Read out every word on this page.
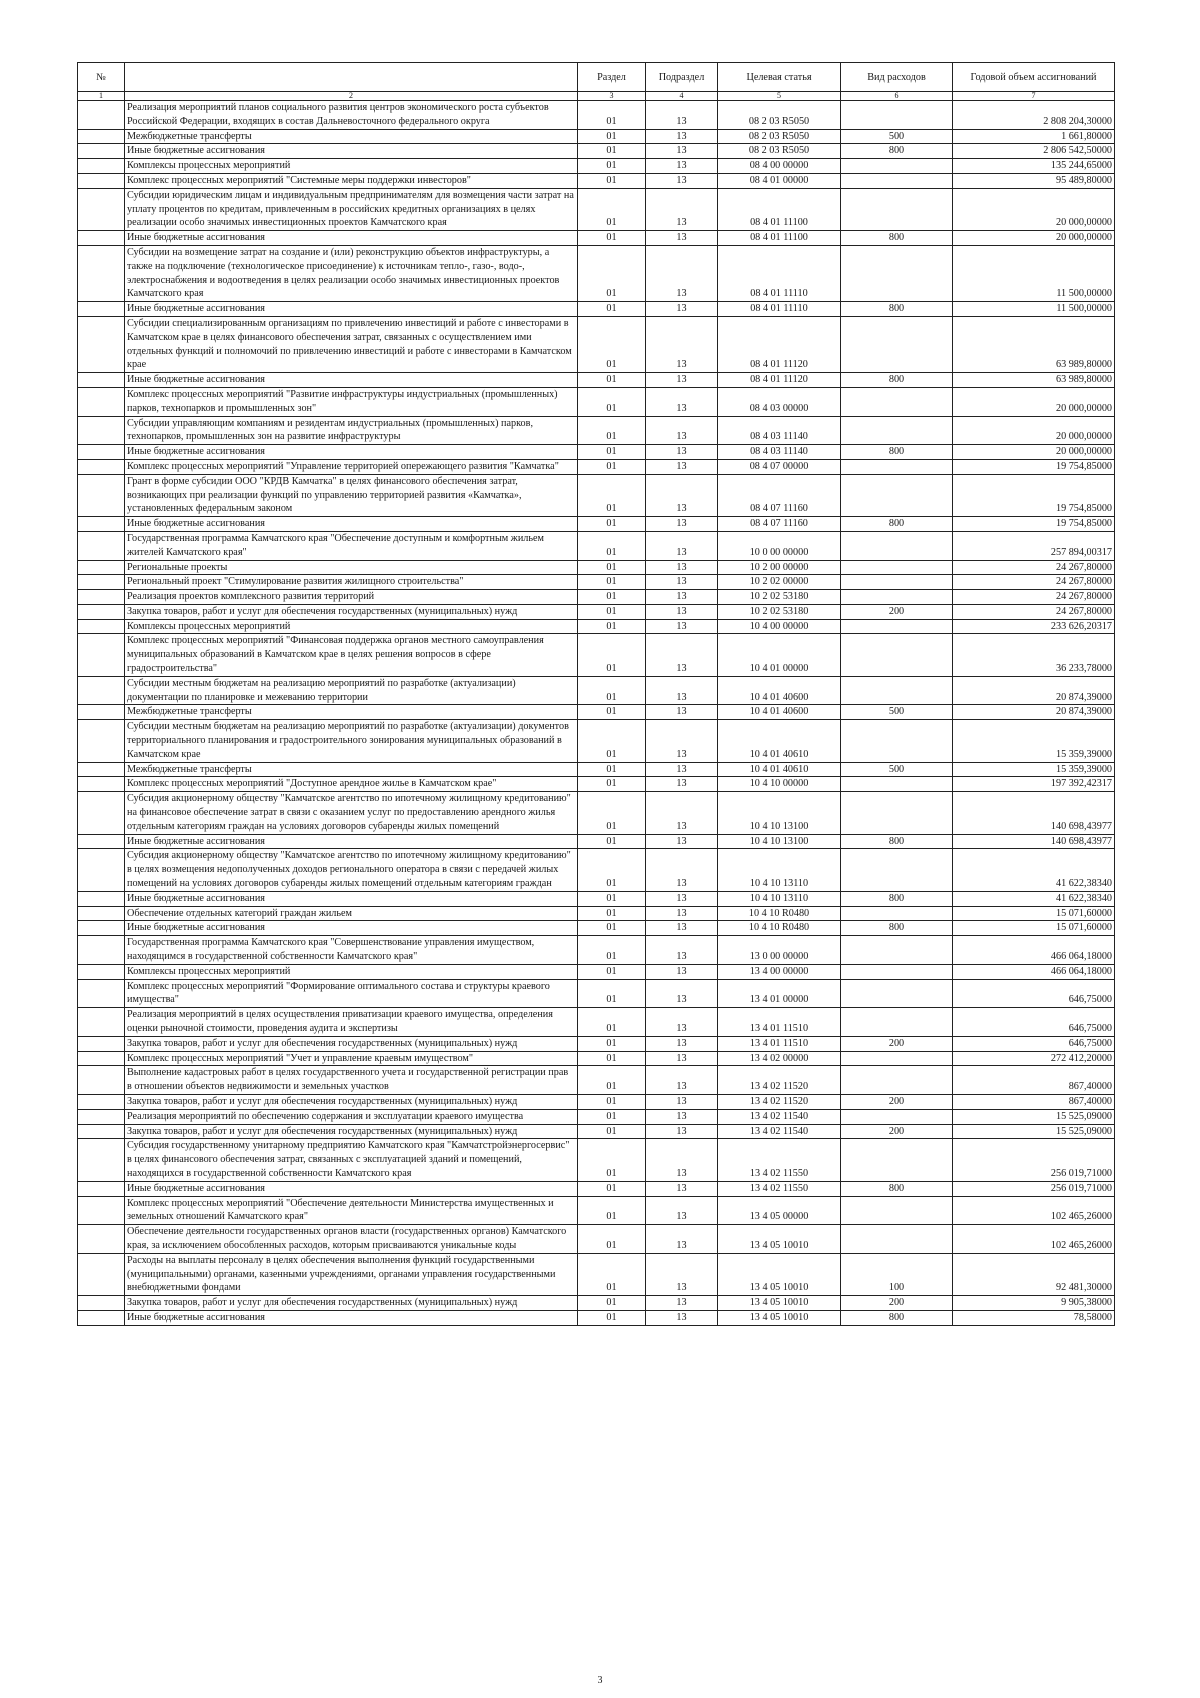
№		Раздел	Подраздел	Целевая статья	Вид расходов	Годовой объем ассигнований
1	2	3	4	5	6	7
	Реализация мероприятий планов социального развития центров экономического роста субъектов Российской Федерации, входящих в состав Дальневосточного федерального округа	01	13	08 2 03 R5050		2 808 204,30000
	Межбюджетные трансферты	01	13	08 2 03 R5050	500	1 661,80000
	Иные бюджетные ассигнования	01	13	08 2 03 R5050	800	2 806 542,50000
	Комплексы процессных мероприятий	01	13	08 4 00 00000		135 244,65000
	Комплекс процессных мероприятий "Системные меры поддержки инвесторов"	01	13	08 4 01 00000		95 489,80000
	Субсидии юридическим лицам и индивидуальным предпринимателям для возмещения части затрат на уплату процентов по кредитам, привлеченным в российских кредитных организациях в целях реализации особо значимых инвестиционных проектов Камчатского края	01	13	08 4 01 11100		20 000,00000
	Иные бюджетные ассигнования	01	13	08 4 01 11100	800	20 000,00000
	Субсидии на возмещение затрат на создание и (или) реконструкцию объектов инфраструктуры, а также на подключение (технологическое присоединение) к источникам тепло-, газо-, водо-, электроснабжения и водоотведения в целях реализации особо значимых инвестиционных проектов Камчатского края	01	13	08 4 01 11110		11 500,00000
	Иные бюджетные ассигнования	01	13	08 4 01 11110	800	11 500,00000
	Субсидии специализированным организациям по привлечению инвестиций и работе с инвесторами в Камчатском крае в целях финансового обеспечения затрат, связанных с осуществлением ими отдельных функций и полномочий по привлечению инвестиций и работе с инвесторами в Камчатском крае	01	13	08 4 01 11120		63 989,80000
	Иные бюджетные ассигнования	01	13	08 4 01 11120	800	63 989,80000
	Комплекс процессных мероприятий "Развитие инфраструктуры индустриальных (промышленных) парков, технопарков и промышленных зон"	01	13	08 4 03 00000		20 000,00000
	Субсидии управляющим компаниям и резидентам индустриальных (промышленных) парков, технопарков, промышленных зон на развитие инфраструктуры	01	13	08 4 03 11140		20 000,00000
	Иные бюджетные ассигнования	01	13	08 4 03 11140	800	20 000,00000
	Комплекс процессных мероприятий "Управление территорией опережающего развития "Камчатка"	01	13	08 4 07 00000		19 754,85000
	Грант в форме субсидии ООО "КРДВ Камчатка" в целях финансового обеспечения затрат, возникающих при реализации функций по управлению территорией развития «Камчатка», установленных федеральным законом	01	13	08 4 07 11160		19 754,85000
	Иные бюджетные ассигнования	01	13	08 4 07 11160	800	19 754,85000
	Государственная программа Камчатского края "Обеспечение доступным и комфортным жильем жителей Камчатского края"	01	13	10 0 00 00000		257 894,00317
	Региональные проекты	01	13	10 2 00 00000		24 267,80000
	Региональный проект "Стимулирование развития жилищного строительства"	01	13	10 2 02 00000		24 267,80000
	Реализация проектов комплексного развития территорий	01	13	10 2 02 53180		24 267,80000
	Закупка товаров, работ и услуг для обеспечения государственных (муниципальных) нужд	01	13	10 2 02 53180	200	24 267,80000
	Комплексы процессных мероприятий	01	13	10 4 00 00000		233 626,20317
	Комплекс процессных мероприятий "Финансовая поддержка органов местного самоуправления муниципальных образований в Камчатском крае в целях решения вопросов в сфере градостроительства"	01	13	10 4 01 00000		36 233,78000
	Субсидии местным бюджетам на реализацию мероприятий по разработке (актуализации) документации по планировке и межеванию территории	01	13	10 4 01 40600		20 874,39000
	Межбюджетные трансферты	01	13	10 4 01 40600	500	20 874,39000
	Субсидии местным бюджетам на реализацию мероприятий по разработке (актуализации) документов территориального планирования и градостроительного зонирования муниципальных образований в Камчатском крае	01	13	10 4 01 40610		15 359,39000
	Межбюджетные трансферты	01	13	10 4 01 40610	500	15 359,39000
	Комплекс процессных мероприятий "Доступное арендное жилье в Камчатском крае"	01	13	10 4 10 00000		197 392,42317
	Субсидия акционерному обществу "Камчатское агентство по ипотечному жилищному кредитованию" на финансовое обеспечение затрат в связи с оказанием услуг по предоставлению арендного жилья отдельным категориям граждан на условиях договоров субаренды жилых помещений	01	13	10 4 10 13100		140 698,43977
	Иные бюджетные ассигнования	01	13	10 4 10 13100	800	140 698,43977
	Субсидия акционерному обществу "Камчатское агентство по ипотечному жилищному кредитованию" в целях возмещения недополученных доходов регионального оператора в связи с передачей жилых помещений на условиях договоров субаренды жилых помещений отдельным категориям граждан	01	13	10 4 10 13110		41 622,38340
	Иные бюджетные ассигнования	01	13	10 4 10 13110	800	41 622,38340
	Обеспечение отдельных категорий граждан жильем	01	13	10 4 10 R0480		15 071,60000
	Иные бюджетные ассигнования	01	13	10 4 10 R0480	800	15 071,60000
	Государственная программа Камчатского края "Совершенствование управления имуществом, находящимся в государственной собственности Камчатского края"	01	13	13 0 00 00000		466 064,18000
	Комплексы процессных мероприятий	01	13	13 4 00 00000		466 064,18000
	Комплекс процессных мероприятий "Формирование оптимального состава и структуры краевого имущества"	01	13	13 4 01 00000		646,75000
	Реализация мероприятий в целях осуществления приватизации краевого имущества, определения оценки рыночной стоимости, проведения аудита и экспертизы	01	13	13 4 01 11510		646,75000
	Закупка товаров, работ и услуг для обеспечения государственных (муниципальных) нужд	01	13	13 4 01 11510	200	646,75000
	Комплекс процессных мероприятий "Учет и управление краевым имуществом"	01	13	13 4 02 00000		272 412,20000
	Выполнение кадастровых работ в целях государственного учета и государственной регистрации прав в отношении объектов недвижимости и земельных участков	01	13	13 4 02 11520		867,40000
	Закупка товаров, работ и услуг для обеспечения государственных (муниципальных) нужд	01	13	13 4 02 11520	200	867,40000
	Реализация мероприятий по обеспечению содержания и эксплуатации краевого имущества	01	13	13 4 02 11540		15 525,09000
	Закупка товаров, работ и услуг для обеспечения государственных (муниципальных) нужд	01	13	13 4 02 11540	200	15 525,09000
	Субсидия государственному унитарному предприятию Камчатского края "Камчатстройэнергосервис" в целях финансового обеспечения затрат, связанных с эксплуатацией зданий и помещений, находящихся в государственной собственности Камчатского края	01	13	13 4 02 11550		256 019,71000
	Иные бюджетные ассигнования	01	13	13 4 02 11550	800	256 019,71000
	Комплекс процессных мероприятий "Обеспечение деятельности Министерства имущественных и земельных отношений Камчатского края"	01	13	13 4 05 00000		102 465,26000
	Обеспечение деятельности государственных органов власти (государственных органов) Камчатского края, за исключением обособленных расходов, которым присваиваются уникальные коды	01	13	13 4 05 10010		102 465,26000
	Расходы на выплаты персоналу в целях обеспечения выполнения функций государственными (муниципальными) органами, казенными учреждениями, органами управления государственными внебюджетными фондами	01	13	13 4 05 10010	100	92 481,30000
	Закупка товаров, работ и услуг для обеспечения государственных (муниципальных) нужд	01	13	13 4 05 10010	200	9 905,38000
	Иные бюджетные ассигнования	01	13	13 4 05 10010	800	78,58000
3
